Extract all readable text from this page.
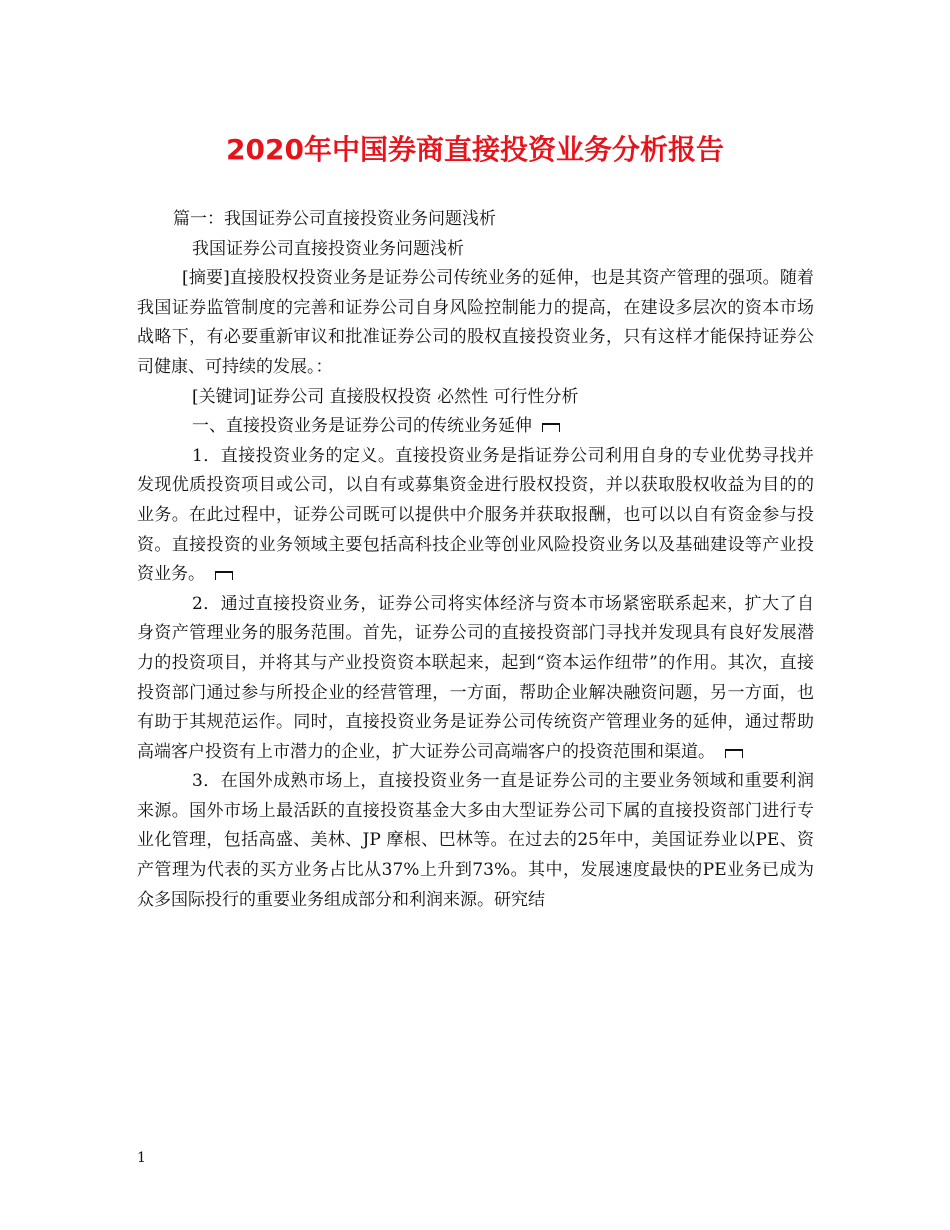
2020年中国券商直接投资业务分析报告

篇一：我国证券公司直接投资业务问题浅析

我国证券公司直接投资业务问题浅析

[摘要]直接股权投资业务是证券公司传统业务的延伸，也是其资产管理的强项。随着我国证券监管制度的完善和证券公司自身风险控制能力的提高，在建设多层次的资本市场战略下，有必要重新审议和批准证券公司的股权直接投资业务，只有这样才能保持证券公司健康、可持续的发展。：

[关键词]证券公司 直接股权投资 必然性 可行性分析

一、直接投资业务是证券公司的传统业务延伸

1．直接投资业务的定义。直接投资业务是指证券公司利用自身的专业优势寻找并发现优质投资项目或公司，以自有或募集资金进行股权投资，并以获取股权收益为目的的业务。在此过程中，证券公司既可以提供中介服务并获取报酬，也可以以自有资金参与投资。直接投资的业务领域主要包括高科技企业等创业风险投资业务以及基础建设等产业投资业务。

2．通过直接投资业务，证券公司将实体经济与资本市场紧密联系起来，扩大了自身资产管理业务的服务范围。首先，证券公司的直接投资部门寻找并发现具有良好发展潜力的投资项目，并将其与产业投资资本联起来，起到“资本运作纽带”的作用。其次，直接投资部门通过参与所投企业的经营管理，一方面，帮助企业解决融资问题，另一方面，也有助于其规范运作。同时，直接投资业务是证券公司传统资产管理业务的延伸，通过帮助高端客户投资有上市潜力的企业，扩大证券公司高端客户的投资范围和渠道。

3．在国外成熟市场上，直接投资业务一直是证券公司的主要业务领域和重要利润来源。国外市场上最活跃的直接投资基金大多由大型证券公司下属的直接投资部门进行专业化管理，包括高盛、美林、JP 摩根、巴林等。在过去的25年中，美国证券业以PE、资产管理为代表的买方业务占比从37%上升到73%。其中，发展速度最快的PE业务已成为众多国际投行的重要业务组成部分和利润来源。研究结

1
